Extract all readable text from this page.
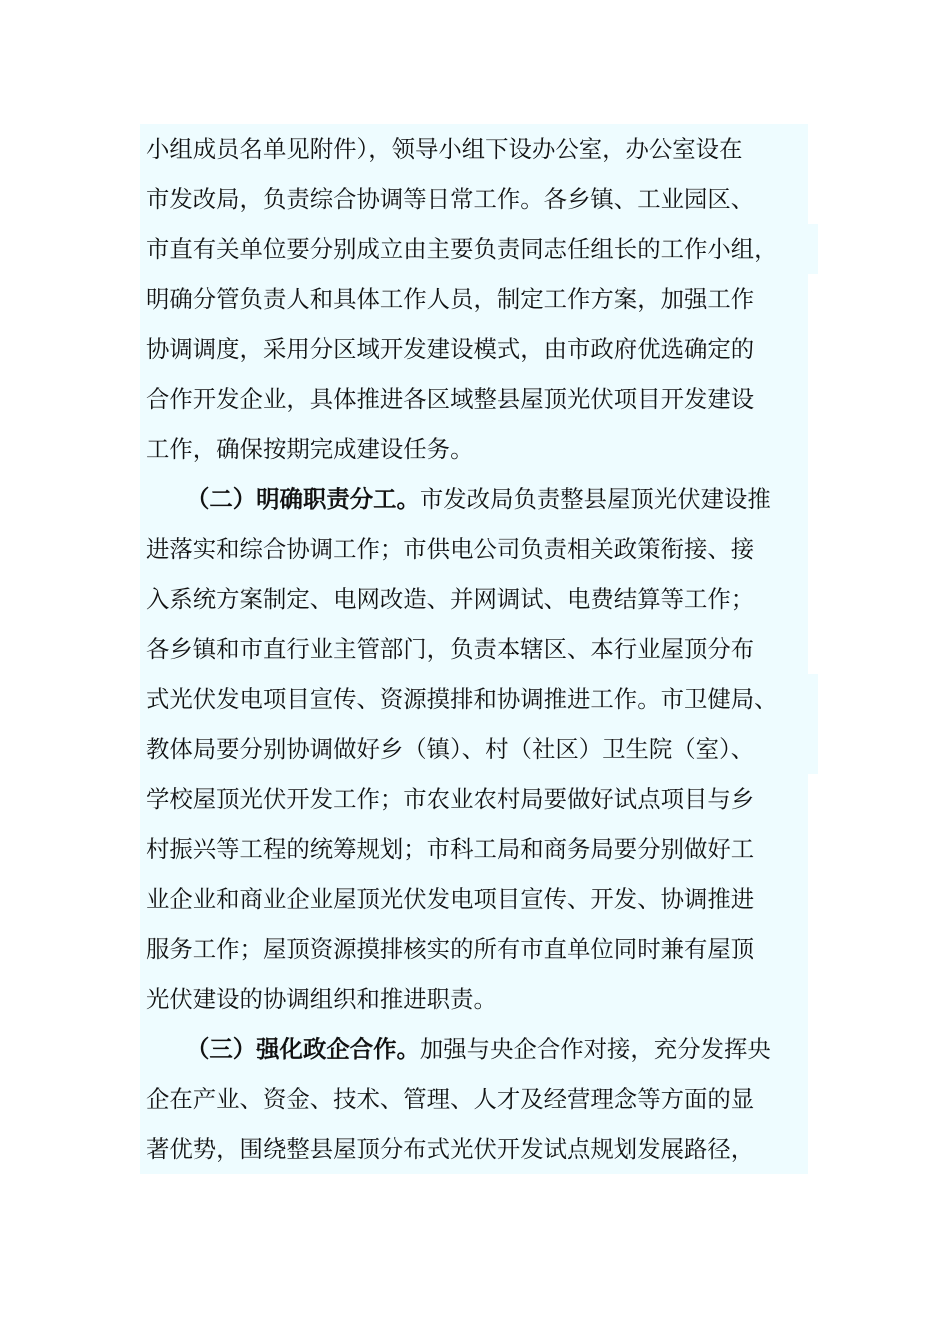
小组成员名单见附件），领导小组下设办公室，办公室设在
市发改局，负责综合协调等日常工作。各乡镇、工业园区、
市直有关单位要分别成立由主要负责同志任组长的工作小组，
明确分管负责人和具体工作人员，制定工作方案，加强工作
协调调度，采用分区域开发建设模式，由市政府优选确定的
合作开发企业，具体推进各区域整县屋顶光伏项目开发建设
工作，确保按期完成建设任务。
（二）明确职责分工。市发改局负责整县屋顶光伏建设推
进落实和综合协调工作；市供电公司负责相关政策衔接、接
入系统方案制定、电网改造、并网调试、电费结算等工作；
各乡镇和市直行业主管部门，负责本辖区、本行业屋顶分布
式光伏发电项目宣传、资源摸排和协调推进工作。市卫健局、
教体局要分别协调做好乡（镇）、村（社区）卫生院（室）、
学校屋顶光伏开发工作；市农业农村局要做好试点项目与乡
村振兴等工程的统筹规划；市科工局和商务局要分别做好工
业企业和商业企业屋顶光伏发电项目宣传、开发、协调推进
服务工作；屋顶资源摸排核实的所有市直单位同时兼有屋顶
光伏建设的协调组织和推进职责。
（三）强化政企合作。加强与央企合作对接，充分发挥央
企在产业、资金、技术、管理、人才及经营理念等方面的显
著优势，围绕整县屋顶分布式光伏开发试点规划发展路径，
